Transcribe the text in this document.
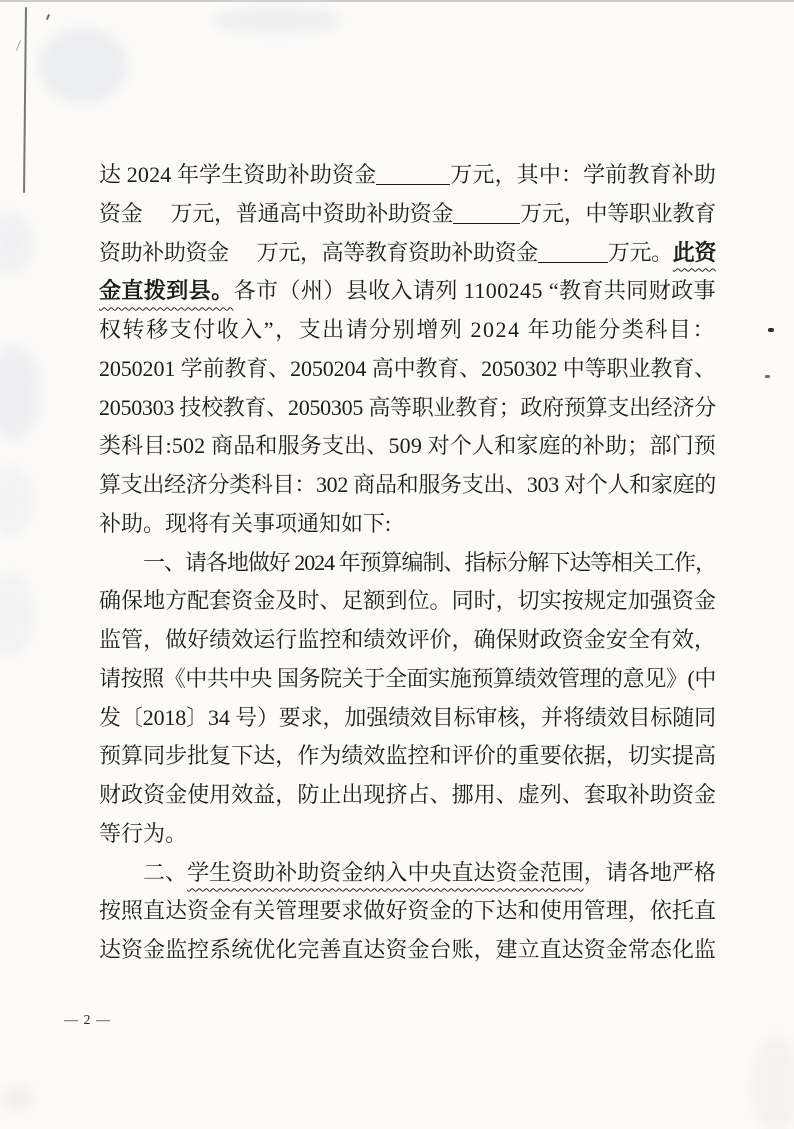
达 2024 年学生资助补助资金	万元，其中：学前教育补助
资金 万元，普通高中资助补助资金	万元，中等职业教育
资助补助资金 万元，高等教育资助补助资金	万元。此资
金直拨到县。各市（州）县收入请列 1100245 “教育共同财政事
权转移支付收入”，支出请分别增列 2024 年功能分类科目：
2050201 学前教育、2050204 高中教育、2050302 中等职业教育、
2050303 技校教育、2050305 高等职业教育；政府预算支出经济分
类科目:502 商品和服务支出、509 对个人和家庭的补助；部门预
算支出经济分类科目：302 商品和服务支出、303 对个人和家庭的
补助。现将有关事项通知如下:
一、请各地做好 2024 年预算编制、指标分解下达等相关工作，
确保地方配套资金及时、足额到位。同时，切实按规定加强资金
监管，做好绩效运行监控和绩效评价，确保财政资金安全有效，
请按照《中共中央 国务院关于全面实施预算绩效管理的意见》(中
发〔2018〕34 号）要求，加强绩效目标审核，并将绩效目标随同
预算同步批复下达，作为绩效监控和评价的重要依据，切实提高
财政资金使用效益，防止出现挤占、挪用、虚列、套取补助资金
等行为。
二、学生资助补助资金纳入中央直达资金范围，请各地严格
按照直达资金有关管理要求做好资金的下达和使用管理，依托直
达资金监控系统优化完善直达资金台账，建立直达资金常态化监
— 2 —
